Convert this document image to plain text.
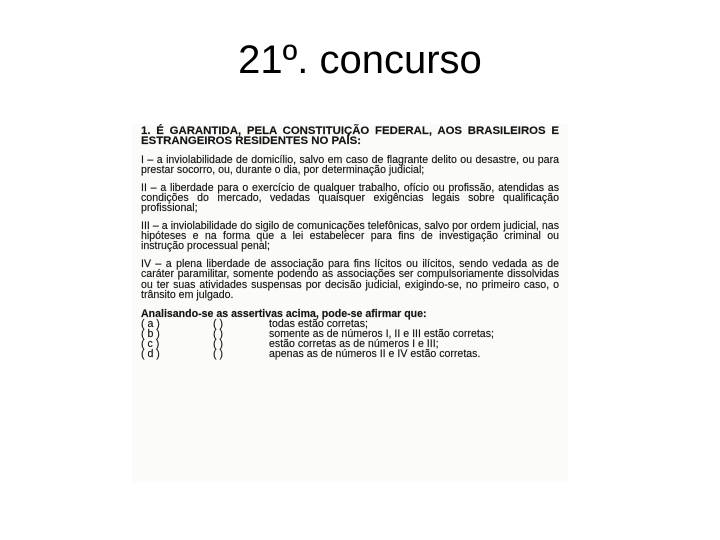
21º. concurso

1. É GARANTIDA, PELA CONSTITUIÇÃO FEDERAL, AOS BRASILEIROS E ESTRANGEIROS RESIDENTES NO PAÍS:

I – a inviolabilidade de domicílio, salvo em caso de flagrante delito ou desastre, ou para prestar socorro, ou, durante o dia, por determinação judicial;

II – a liberdade para o exercício de qualquer trabalho, ofício ou profissão, atendidas as condições do mercado, vedadas quaisquer exigências legais sobre qualificação profissional;

III – a inviolabilidade do sigilo de comunicações telefônicas, salvo por ordem judicial, nas hipóteses e na forma que a lei estabelecer para fins de investigação criminal ou instrução processual penal;

IV – a plena liberdade de associação para fins lícitos ou ilícitos, sendo vedada as de caráter paramilitar, somente podendo as associações ser compulsoriamente dissolvidas ou ter suas atividades suspensas por decisão judicial, exigindo-se, no primeiro caso, o trânsito em julgado.

Analisando-se as assertivas acima, pode-se afirmar que:

( a )	( )	todas estão corretas;
( b )	( )	somente as de números I, II e III estão corretas;
( c )	( )	estão corretas as de números I e III;
( d )	( )	apenas as de números II e IV estão corretas.
